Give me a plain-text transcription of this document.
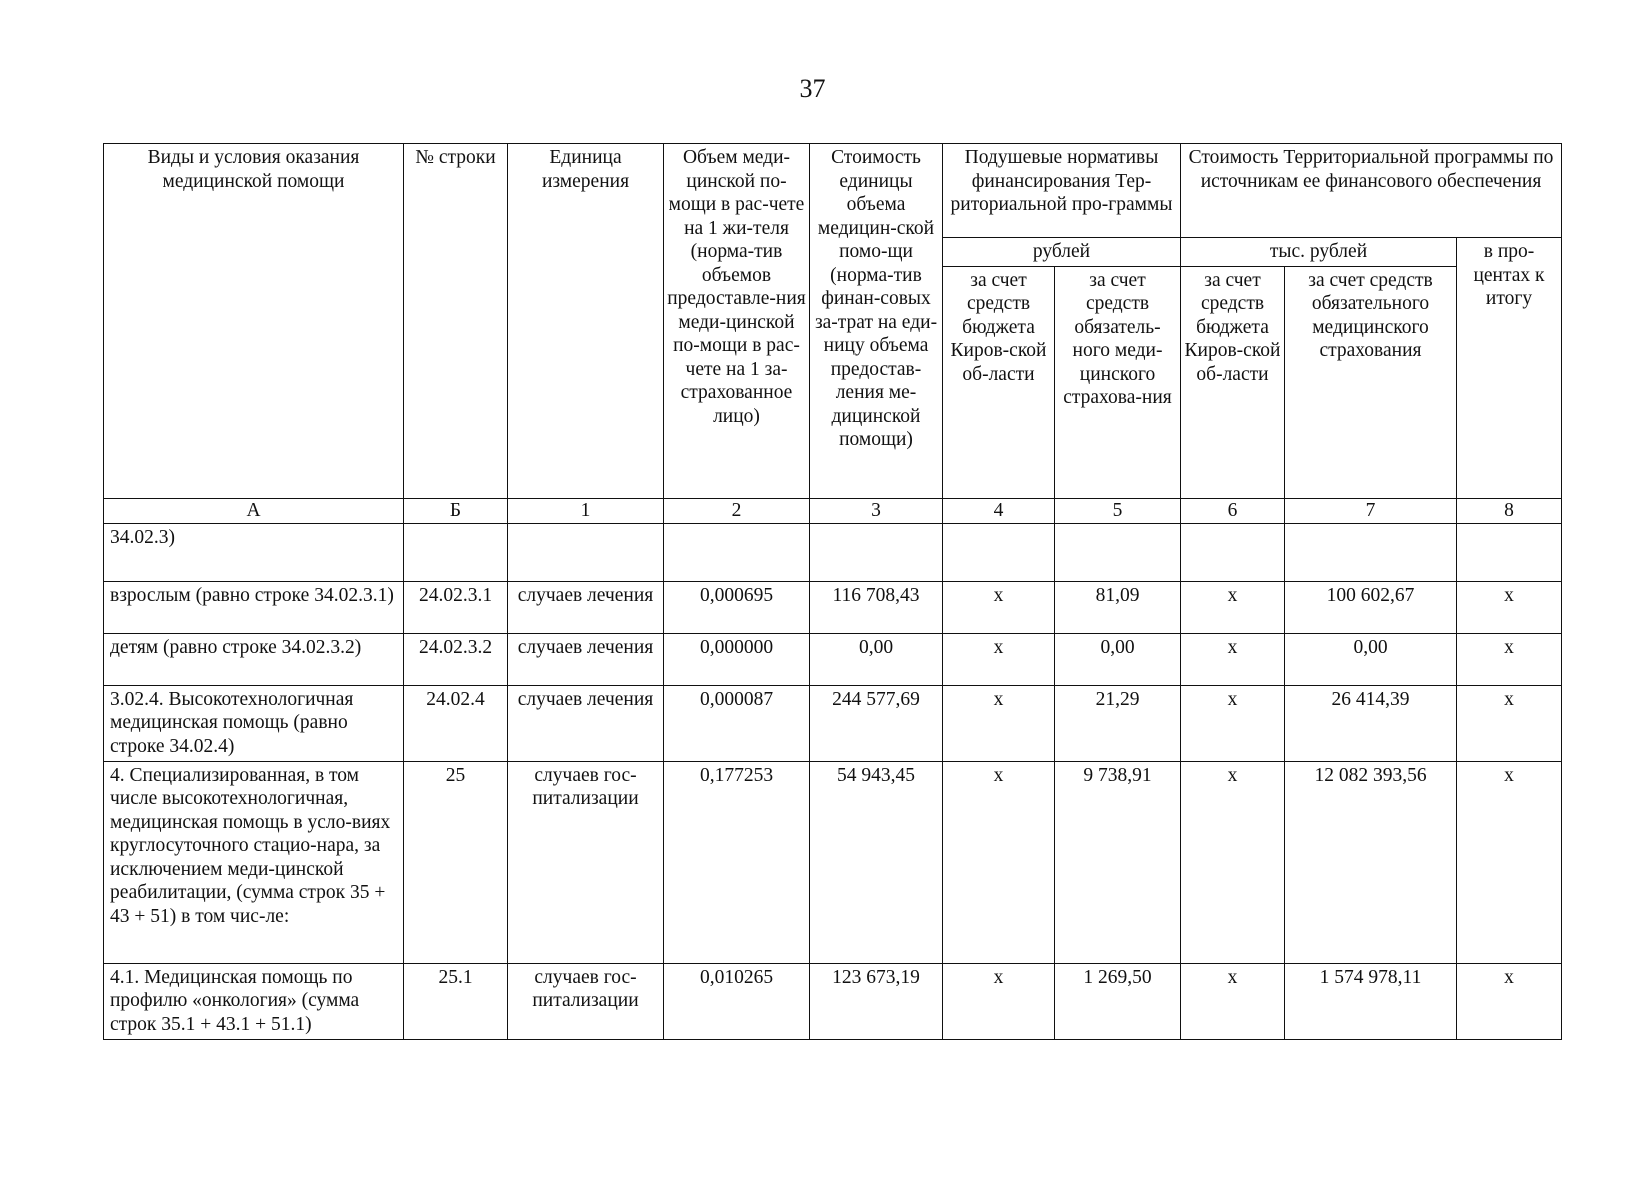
37
Виды и условия оказания медицинской помощи	№ строки	Единица измерения	Объем меди-цинской по-мощи в рас-чете на 1 жи-теля (норма-тив объемов предоставле-ния меди-цинской по-мощи в рас-чете на 1 за-страхованное лицо)	Стоимость единицы объема медицин-ской помо-щи (норма-тив финан-совых за-трат на еди-ницу объема предостав-ления ме-дицинской помощи)	Подушевые нормативы финансирования Тер-риториальной про-граммы		Стоимость Территориальной программы по источникам ее финансового обеспечения		
					рублей		тыс. рублей		в про-центах к итогу
					за счет средств бюджета Киров-ской об-ласти	за счет средств обязатель-ного меди-цинского страхова-ния	за счет средств бюджета Киров-ской об-ласти	за счет средств обязательного медицинского страхования	
А	Б	1	2	3	4	5	6	7	8
34.02.3)									
взрослым (равно строке 34.02.3.1)	24.02.3.1	случаев лечения	0,000695	116 708,43	х	81,09	х	100 602,67	х
детям (равно строке 34.02.3.2)	24.02.3.2	случаев лечения	0,000000	0,00	х	0,00	х	0,00	х
3.02.4. Высокотехнологичная медицинская помощь (равно строке 34.02.4)	24.02.4	случаев лечения	0,000087	244 577,69	х	21,29	х	26 414,39	х
4. Специализированная, в том числе высокотехнологичная, медицинская помощь в усло-виях круглосуточного стацио-нара, за исключением меди-цинской реабилитации, (сумма строк 35 + 43 + 51) в том чис-ле:	25	случаев гос-питализации	0,177253	54 943,45	х	9 738,91	х	12 082 393,56	х
4.1. Медицинская помощь по профилю «онкология» (сумма строк 35.1 + 43.1 + 51.1)	25.1	случаев гос-питализации	0,010265	123 673,19	х	1 269,50	х	1 574 978,11	х
